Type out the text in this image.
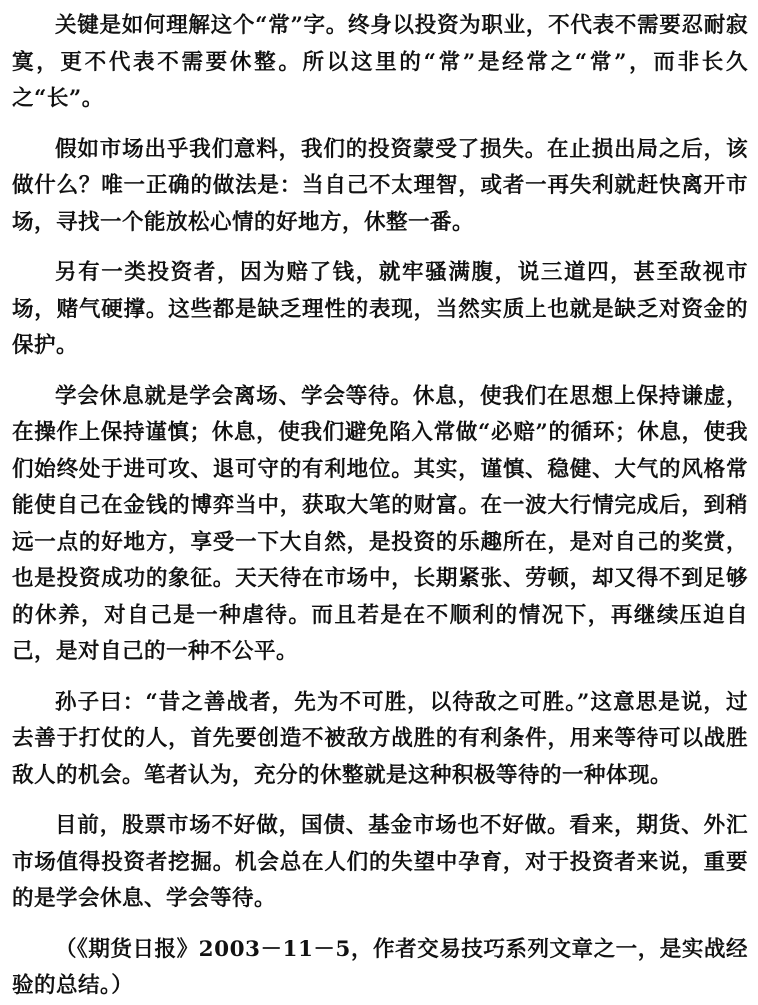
关键是如何理解这个“常”字。终身以投资为职业，不代表不需要忍耐寂寞，更不代表不需要休整。所以这里的“常”是经常之“常”，而非长久之“长”。

假如市场出乎我们意料，我们的投资蒙受了损失。在止损出局之后，该做什么？唯一正确的做法是：当自己不太理智，或者一再失利就赶快离开市场，寻找一个能放松心情的好地方，休整一番。

另有一类投资者，因为赔了钱，就牢骚满腹，说三道四，甚至敌视市场，赌气硬撑。这些都是缺乏理性的表现，当然实质上也就是缺乏对资金的保护。

学会休息就是学会离场、学会等待。休息，使我们在思想上保持谦虚，在操作上保持谨慎；休息，使我们避免陷入常做“必赔”的循环；休息，使我们始终处于进可攻、退可守的有利地位。其实，谨慎、稳健、大气的风格常能使自己在金钱的博弈当中，获取大笔的财富。在一波大行情完成后，到稍远一点的好地方，享受一下大自然，是投资的乐趣所在，是对自己的奖赏，也是投资成功的象征。天天待在市场中，长期紧张、劳顿，却又得不到足够的休养，对自己是一种虐待。而且若是在不顺利的情况下，再继续压迫自己，是对自己的一种不公平。

孙子曰：“昔之善战者，先为不可胜，以待敌之可胜。”这意思是说，过去善于打仗的人，首先要创造不被敌方战胜的有利条件，用来等待可以战胜敌人的机会。笔者认为，充分的休整就是这种积极等待的一种体现。

目前，股票市场不好做，国债、基金市场也不好做。看来，期货、外汇市场值得投资者挖掘。机会总在人们的失望中孕育，对于投资者来说，重要的是学会休息、学会等待。

（《期货日报》2003－11－5，作者交易技巧系列文章之一，是实战经验的总结。）
